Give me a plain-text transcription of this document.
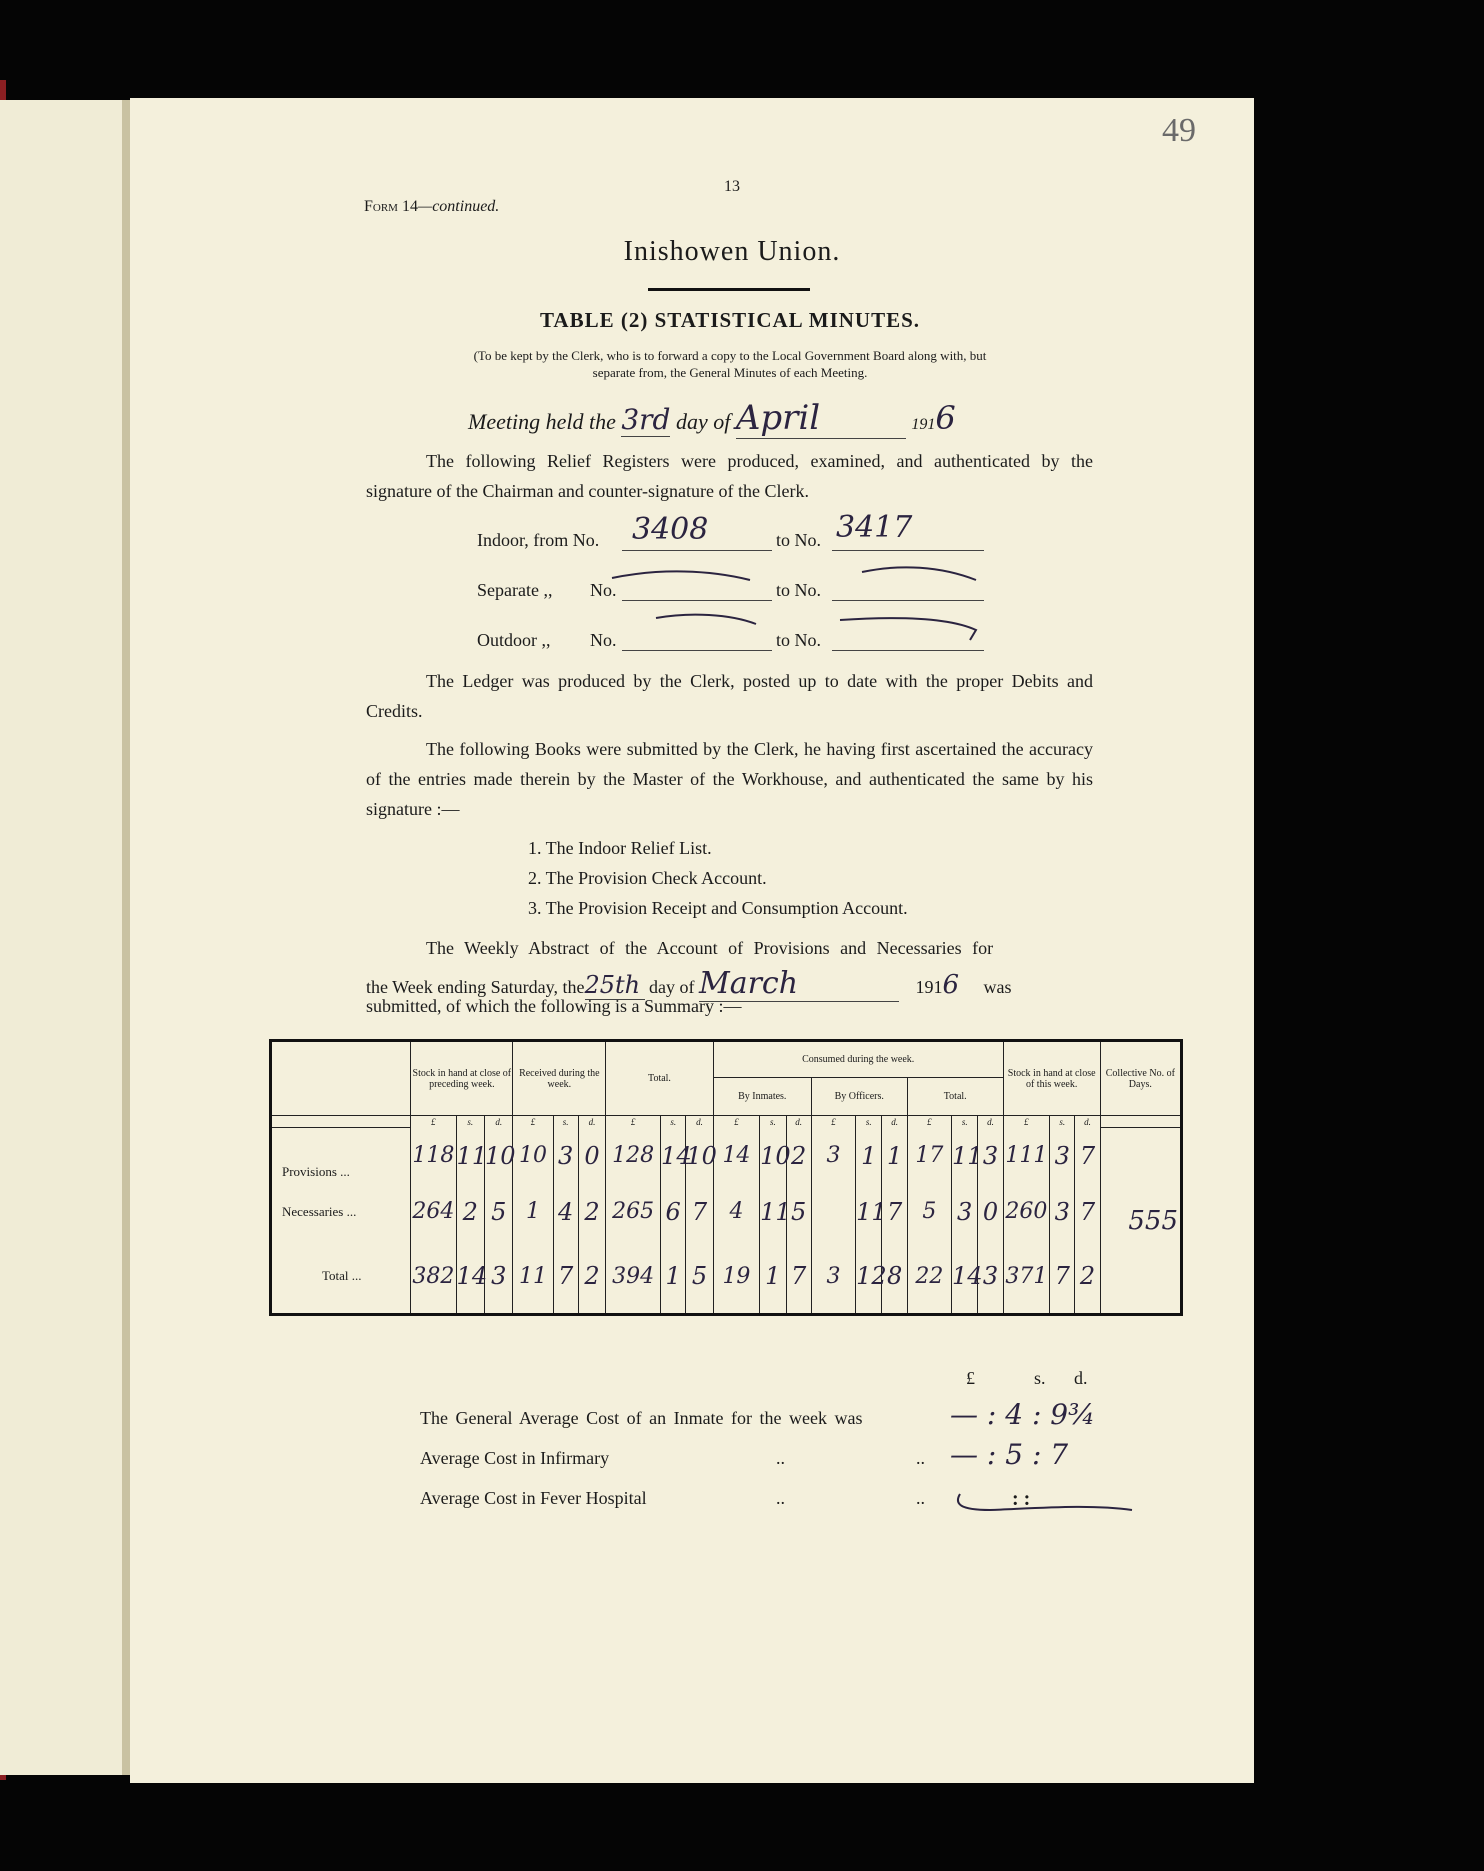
49
13
Form 14—continued.
Inishowen Union.
TABLE (2) STATISTICAL MINUTES.
(To be kept by the Clerk, who is to forward a copy to the Local Government Board along with, but
separate from, the General Minutes of each Meeting.
Meeting held the 3rd day of April	1916
The following Relief Registers were produced, examined, and authenticated by the signature of the Chairman and counter-signature of the Clerk.
Indoor, from No. 3408	to No. 3417
Separate ,, No.	to No.
Outdoor ,, No.	to No.
The Ledger was produced by the Clerk, posted up to date with the proper Debits and Credits.
The following Books were submitted by the Clerk, he having first ascertained the accuracy of the entries made therein by the Master of the Workhouse, and authenticated the same by his signature :—
1. The Indoor Relief List.
2. The Provision Check Account.
3. The Provision Receipt and Consumption Account.
The Weekly Abstract of the Account of Provisions and Necessaries for
the Week ending Saturday, the25th day of March	1916 was
submitted, of which the following is a Summary :—
	Stock in hand at close of preceding week.			Received during the week.			Total.			Consumed during the week.									Stock in hand at close of this week.			Collective No. of Days.
										By Inmates.			By Officers.			Total.						
	£	s.	d.	£	s.	d.	£	s.	d.	£	s.	d.	£	s.	d.	£	s.	d.	£	s.	d.	
Provisions ...	118	11	10	10	3	0	128	14	10	14	10	2	3	1	1	17	11	3	111	3	7	555
Necessaries ...	264	2	5	1	4	2	265	6	7	4	11	5		11	7	5	3	0	260	3	7	
Total ...	382	14	3	11	7	2	394	1	5	19	1	7	3	12	8	22	14	3	371	7	2	
£	s. d.
The General Average Cost of an Inmate for the week was	— : 4 : 9¾
Average Cost in Infirmary	..	.. — : 5 : 7
Average Cost in Fever Hospital	..	..	: :
